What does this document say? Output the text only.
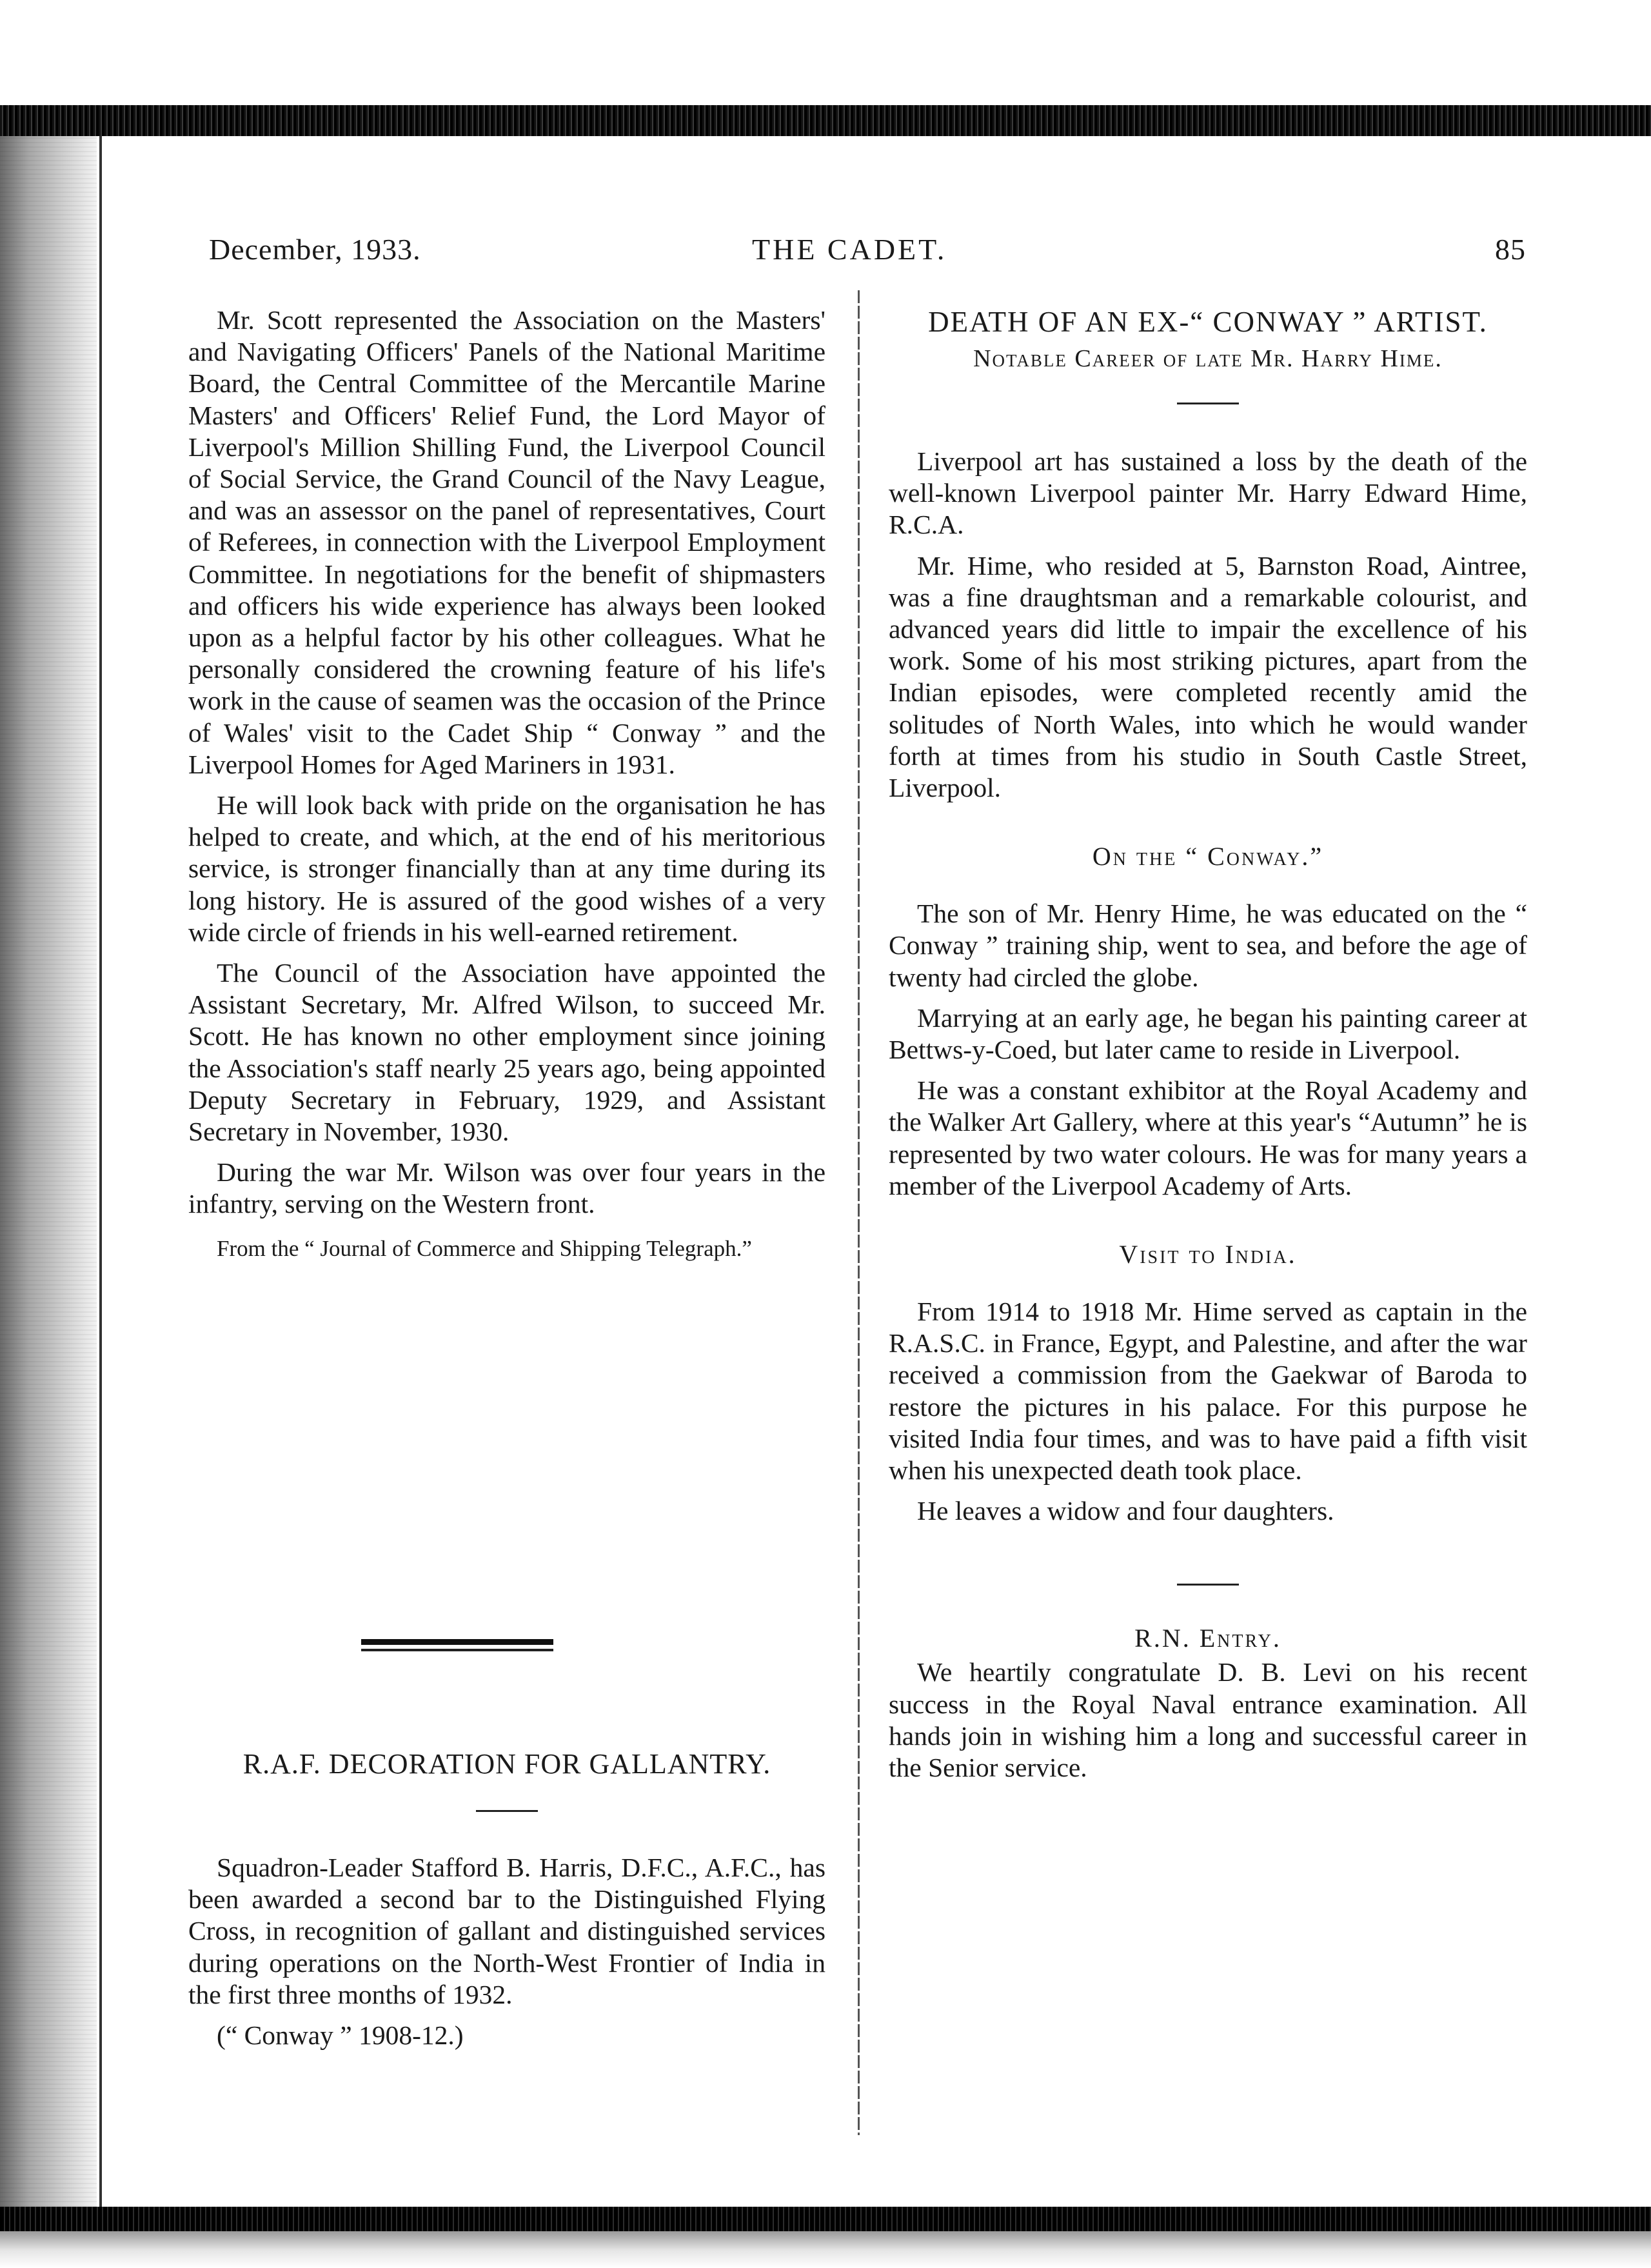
December, 1933.	THE CADET.	85

Mr. Scott represented the Association on the Masters' and Navigating Officers' Panels of the National Maritime Board, the Central Committee of the Mercantile Marine Masters' and Officers' Relief Fund, the Lord Mayor of Liverpool's Million Shilling Fund, the Liverpool Council of Social Service, the Grand Council of the Navy League, and was an assessor on the panel of representatives, Court of Referees, in connection with the Liverpool Employment Committee. In negotiations for the benefit of shipmasters and officers his wide experience has always been looked upon as a helpful factor by his other colleagues. What he personally considered the crowning feature of his life's work in the cause of seamen was the occasion of the Prince of Wales' visit to the Cadet Ship “ Conway ” and the Liverpool Homes for Aged Mariners in 1931.

He will look back with pride on the organisation he has helped to create, and which, at the end of his meritorious service, is stronger financially than at any time during its long history. He is assured of the good wishes of a very wide circle of friends in his well-earned retirement.

The Council of the Association have appointed the Assistant Secretary, Mr. Alfred Wilson, to succeed Mr. Scott. He has known no other employment since joining the Association's staff nearly 25 years ago, being appointed Deputy Secretary in February, 1929, and Assistant Secretary in November, 1930.

During the war Mr. Wilson was over four years in the infantry, serving on the Western front.

From the “ Journal of Commerce and Shipping Telegraph.”

R.A.F. DECORATION FOR GALLANTRY.

Squadron-Leader Stafford B. Harris, D.F.C., A.F.C., has been awarded a second bar to the Distinguished Flying Cross, in recognition of gallant and distinguished services during operations on the North-West Frontier of India in the first three months of 1932.

(“ Conway ” 1908-12.)

DEATH OF AN EX-“ CONWAY ” ARTIST.
Notable Career of late Mr. Harry Hime.

Liverpool art has sustained a loss by the death of the well-known Liverpool painter Mr. Harry Edward Hime, R.C.A.

Mr. Hime, who resided at 5, Barnston Road, Aintree, was a fine draughtsman and a remarkable colourist, and advanced years did little to impair the excellence of his work. Some of his most striking pictures, apart from the Indian episodes, were completed recently amid the solitudes of North Wales, into which he would wander forth at times from his studio in South Castle Street, Liverpool.

On the “ Conway.”

The son of Mr. Henry Hime, he was educated on the “ Conway ” training ship, went to sea, and before the age of twenty had circled the globe.

Marrying at an early age, he began his painting career at Bettws-y-Coed, but later came to reside in Liverpool.

He was a constant exhibitor at the Royal Academy and the Walker Art Gallery, where at this year's “Autumn” he is represented by two water colours. He was for many years a member of the Liverpool Academy of Arts.

Visit to India.

From 1914 to 1918 Mr. Hime served as captain in the R.A.S.C. in France, Egypt, and Palestine, and after the war received a commission from the Gaekwar of Baroda to restore the pictures in his palace. For this purpose he visited India four times, and was to have paid a fifth visit when his unexpected death took place.

He leaves a widow and four daughters.

R.N. Entry.

We heartily congratulate D. B. Levi on his recent success in the Royal Naval entrance examination. All hands join in wishing him a long and successful career in the Senior service.
